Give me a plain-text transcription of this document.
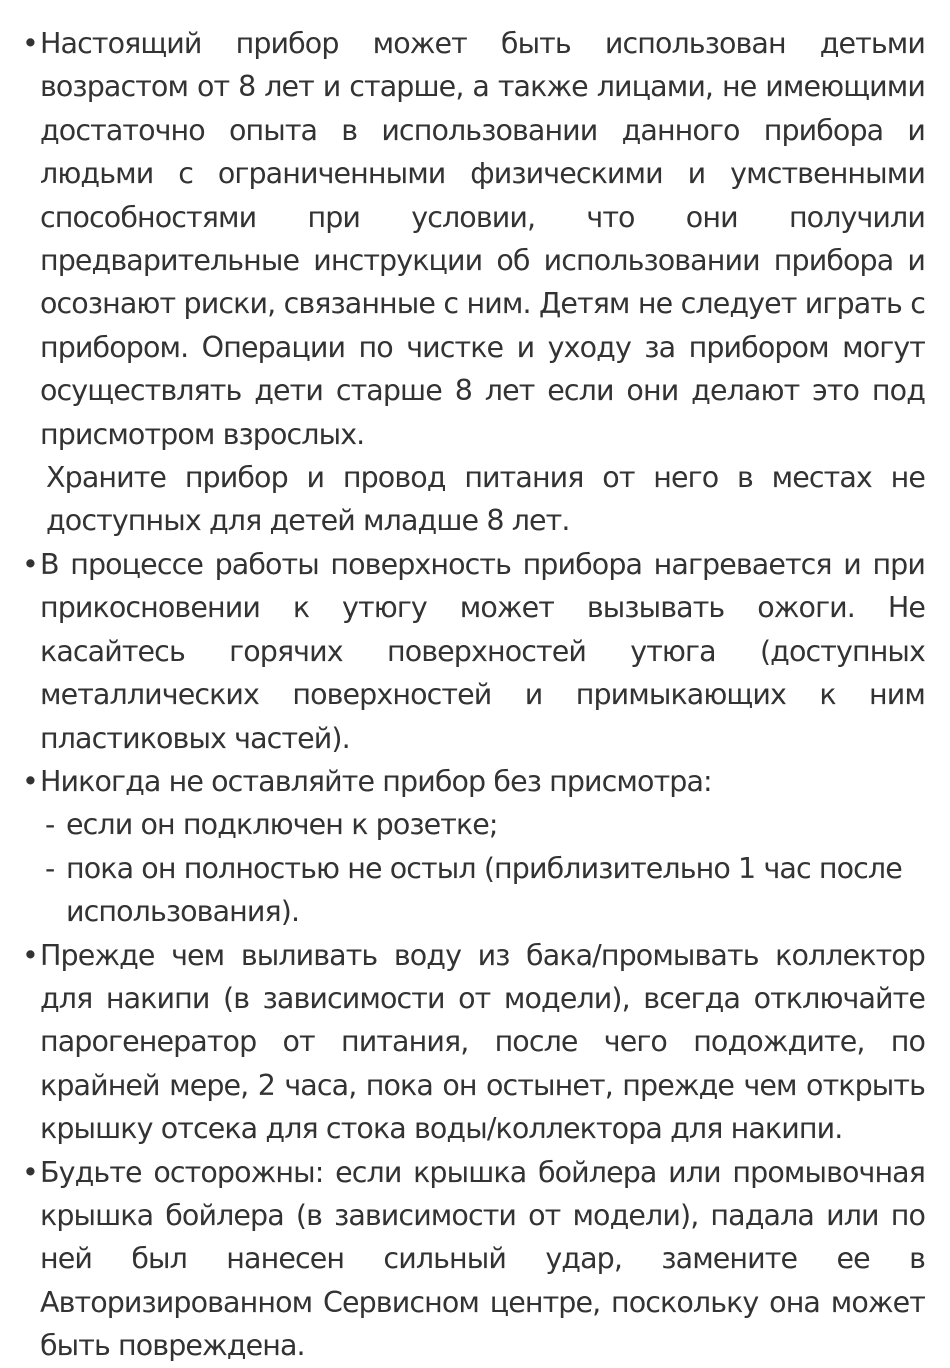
• Настоящий прибор может быть использован детьми возрастом от 8 лет и старше, а также лицами, не имеющими достаточно опыта в использовании данного прибора и людьми с ограниченными физическими и умственными способностями при условии, что они получили предварительные инструкции об использовании прибора и осознают риски, связанные с ним. Детям не следует играть с прибором. Операции по чистке и уходу за прибором могут осуществлять дети старше 8 лет если они делают это под присмотром взрослых.

Храните прибор и провод питания от него в местах не доступных для детей младше 8 лет.

• В процессе работы поверхность прибора нагревается и при прикосновении к утюгу может вызывать ожоги. Не касайтесь горячих поверхностей утюга (доступных металлических поверхностей и примыкающих к ним пластиковых частей).

• Никогда не оставляйте прибор без присмотра:

- если он подключен к розетке;

- пока он полностью не остыл (приблизительно 1 час после использования).

• Прежде чем выливать воду из бака/промывать коллектор для накипи (в зависимости от модели), всегда отключайте парогенератор от питания, после чего подождите, по крайней мере, 2 часа, пока он остынет, прежде чем открыть крышку отсека для стока воды/коллектора для накипи.

• Будьте осторожны: если крышка бойлера или промывочная крышка бойлера (в зависимости от модели), падала или по ней был нанесен сильный удар, замените ее в Авторизированном Сервисном центре, поскольку она может быть повреждена.
